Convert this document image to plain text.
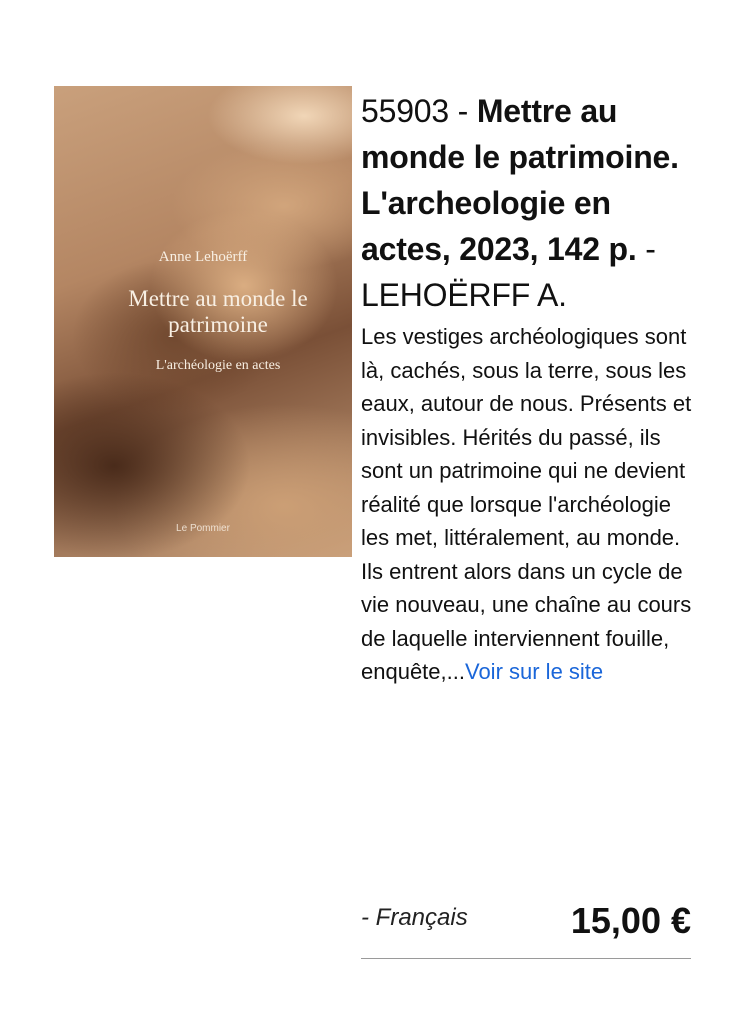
Anne Lehoërff
Mettre au monde le patrimoine
L'archéologie en actes
Le Pommier
55903 - Mettre au monde le patrimoine. L'archeologie en actes, 2023, 142 p. - LEHOËRFF A.

Les vestiges archéologiques sont là, cachés, sous la terre, sous les eaux, autour de nous. Présents et invisibles. Hérités du passé, ils sont un patrimoine qui ne devient réalité que lorsque l'archéologie les met, littéralement, au monde. Ils entrent alors dans un cycle de vie nouveau, une chaîne au cours de laquelle interviennent fouille, enquête,...Voir sur le site

- Français	15,00 €
